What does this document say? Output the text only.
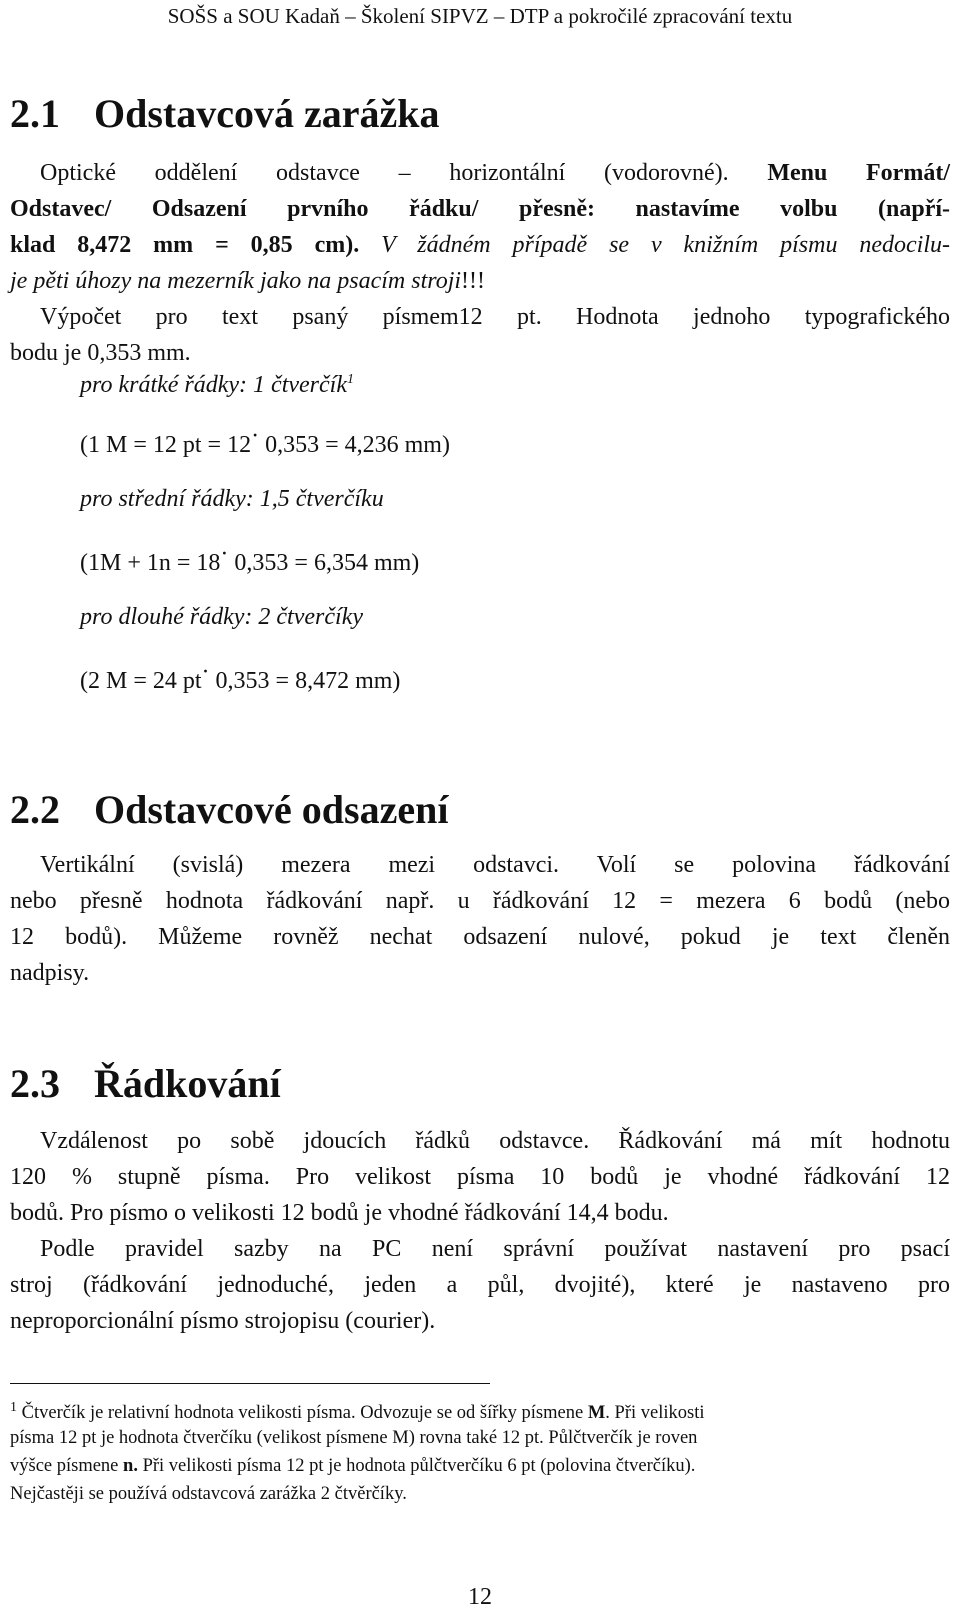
SOŠS a SOU Kadaň – Školení SIPVZ – DTP a pokročilé zpracování textu
2.1 Odstavcová zarážka
Optické oddělení odstavce – horizontální (vodorovné). Menu Formát/
Odstavec/ Odsazení prvního řádku/ přesně: nastavíme volbu (napří-
klad 8,472 mm = 0,85 cm). V žádném případě se v knižním písmu nedocilu-
je pěti úhozy na mezerník jako na psacím stroji!!!
Výpočet pro text psaný písmem12 pt. Hodnota jednoho typografického
bodu je 0,353 mm.
pro krátké řádky: 1 čtverčík$^1$
(1 M = 12 pt = 12· 0,353 = 4,236 mm)
pro střední řádky: 1,5 čtverčíku
(1M + 1n = 18· 0,353 = 6,354 mm)
pro dlouhé řádky: 2 čtverčíky
(2 M = 24 pt· 0,353 = 8,472 mm)
2.2 Odstavcové odsazení
Vertikální (svislá) mezera mezi odstavci. Volí se polovina řádkování
nebo přesně hodnota řádkování např. u řádkování 12 = mezera 6 bodů (nebo
12 bodů). Můžeme rovněž nechat odsazení nulové, pokud je text členěn
nadpisy.
2.3 Řádkování
Vzdálenost po sobě jdoucích řádků odstavce. Řádkování má mít hodnotu
120 % stupně písma. Pro velikost písma 10 bodů je vhodné řádkování 12
bodů. Pro písmo o velikosti 12 bodů je vhodné řádkování 14,4 bodu.
Podle pravidel sazby na PC není správní používat nastavení pro psací
stroj (řádkování jednoduché, jeden a půl, dvojité), které je nastaveno pro
neproporcionální písmo strojopisu (courier).
$^1$ Čtverčík je relativní hodnota velikosti písma. Odvozuje se od šířky písmene M. Při velikosti
písma 12 pt je hodnota čtverčíku (velikost písmene M) rovna také 12 pt. Půlčtverčík je roven
výšce písmene n. Při velikosti písma 12 pt je hodnota půlčtverčíku 6 pt (polovina čtverčíku).
Nejčastěji se používá odstavcová zarážka 2 čtvěrčíky.
12
